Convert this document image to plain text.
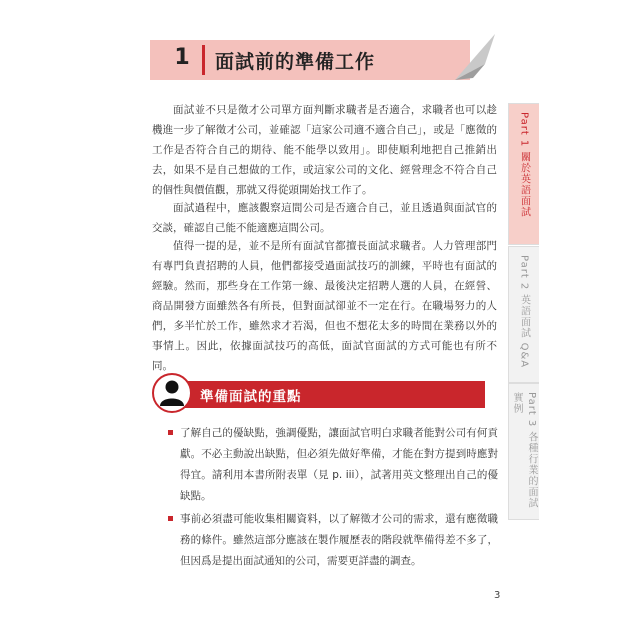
1	面試前的準備工作

面試並不只是徵才公司單方面判斷求職者是否適合，求職者也可以趁機進一步了解徵才公司，並確認「這家公司適不適合自己」，或是「應徵的工作是否符合自己的期待、能不能學以致用」。即使順利地把自己推銷出去，如果不是自己想做的工作，或這家公司的文化、經營理念不符合自己的個性與價值觀，那就又得從頭開始找工作了。

面試過程中，應該觀察這間公司是否適合自己，並且透過與面試官的交談，確認自己能不能適應這間公司。

值得一提的是，並不是所有面試官都擅長面試求職者。人力管理部門有專門負責招聘的人員，他們都接受過面試技巧的訓練，平時也有面試的經驗。然而，那些身在工作第一線、最後決定招聘人選的人員，在經營、商品開發方面雖然各有所長，但對面試卻並不一定在行。在職場努力的人們，多半忙於工作，雖然求才若渴，但也不想花太多的時間在業務以外的事情上。因此，依據面試技巧的高低，面試官面試的方式可能也有所不同。

準備面試的重點
了解自己的優缺點，強調優點，讓面試官明白求職者能對公司有何貢獻。不必主動說出缺點，但必須先做好準備，才能在對方提到時應對得宜。請利用本書所附表單（見 p. iii），試著用英文整理出自己的優缺點。
事前必須盡可能收集相關資料，以了解徵才公司的需求，還有應徵職務的條件。雖然這部分應該在製作履歷表的階段就準備得差不多了，但因爲是提出面試通知的公司，需要更詳盡的調查。
Part 1 關於英語面試
Part 2 英語面試 Q&A
Part 3 各種行業的面試實例
3
